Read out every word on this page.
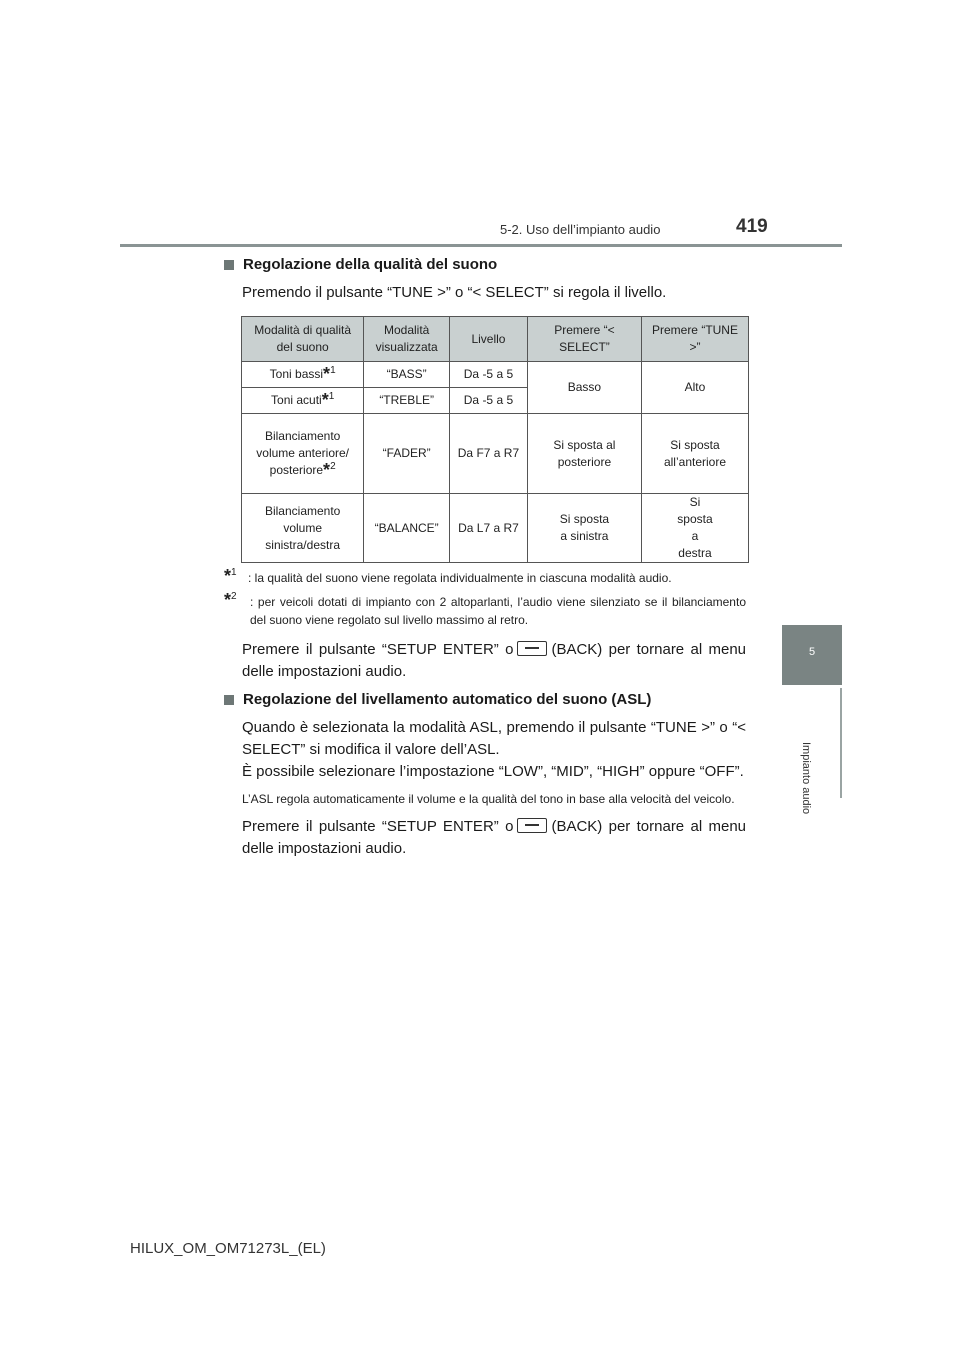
5-2. Uso dell’impianto audio	419
5
Impianto audio

Regolazione della qualità del suono

Premendo il pulsante “TUNE >” o “< SELECT” si regola il livello.

Modalità di qualità del suono	Modalità visualizzata	Livello	Premere “< SELECT”	Premere “TUNE >”
Toni bassi*$^1$	“BASS”	Da -5 a 5	Basso	Alto
Toni acuti*$^1$	“TREBLE”	Da -5 a 5		
Bilanciamento volume anteriore/ posteriore*$^2$	“FADER”	Da F7 a R7	Si sposta al posteriore	Si sposta all’anteriore
Bilanciamento volume sinistra/destra	“BALANCE”	Da L7 a R7	Si sposta a sinistra	Si sposta a destra

*$^1$ : la qualità del suono viene regolata individualmente in ciascuna modalità audio.

*$^2$ : per veicoli dotati di impianto con 2 altoparlanti, l’audio viene silenziato se il bilanciamento del suono viene regolato sul livello massimo al retro.

Premere il pulsante “SETUP ENTER” o	(BACK) per tornare al menu delle impostazioni audio.

Regolazione del livellamento automatico del suono (ASL)

Quando è selezionata la modalità ASL, premendo il pulsante “TUNE >” o “< SELECT” si modifica il valore dell’ASL.

È possibile selezionare l’impostazione “LOW”, “MID”, “HIGH” oppure “OFF”.

L’ASL regola automaticamente il volume e la qualità del tono in base alla velocità del veicolo.

Premere il pulsante “SETUP ENTER” o	(BACK) per tornare al menu delle impostazioni audio.

HILUX_OM_OM71273L_(EL)
